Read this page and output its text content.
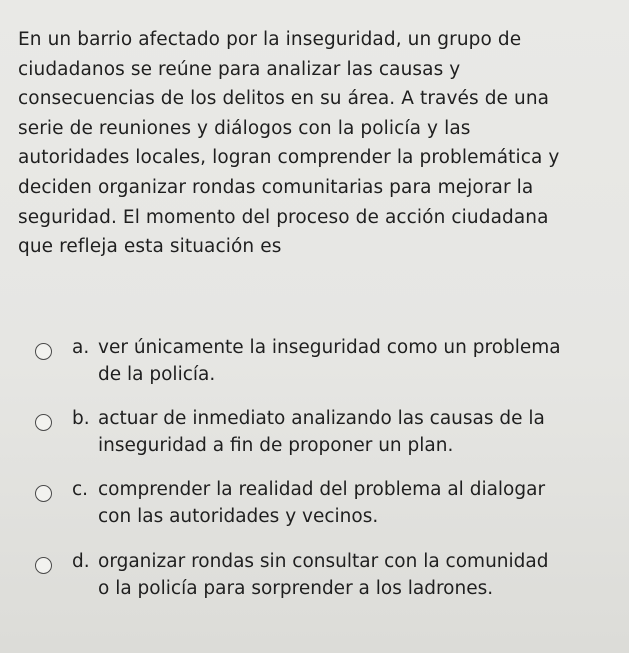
En un barrio afectado por la inseguridad, un grupo de
ciudadanos se reúne para analizar las causas y
consecuencias de los delitos en su área. A través de una
serie de reuniones y diálogos con la policía y las
autoridades locales, logran comprender la problemática y
deciden organizar rondas comunitarias para mejorar la
seguridad. El momento del proceso de acción ciudadana
que refleja esta situación es
a. ver únicamente la inseguridad como un problema
de la policía.
b. actuar de inmediato analizando las causas de la
inseguridad a fin de proponer un plan.
c. comprender la realidad del problema al dialogar
con las autoridades y vecinos.
d. organizar rondas sin consultar con la comunidad
o la policía para sorprender a los ladrones.
